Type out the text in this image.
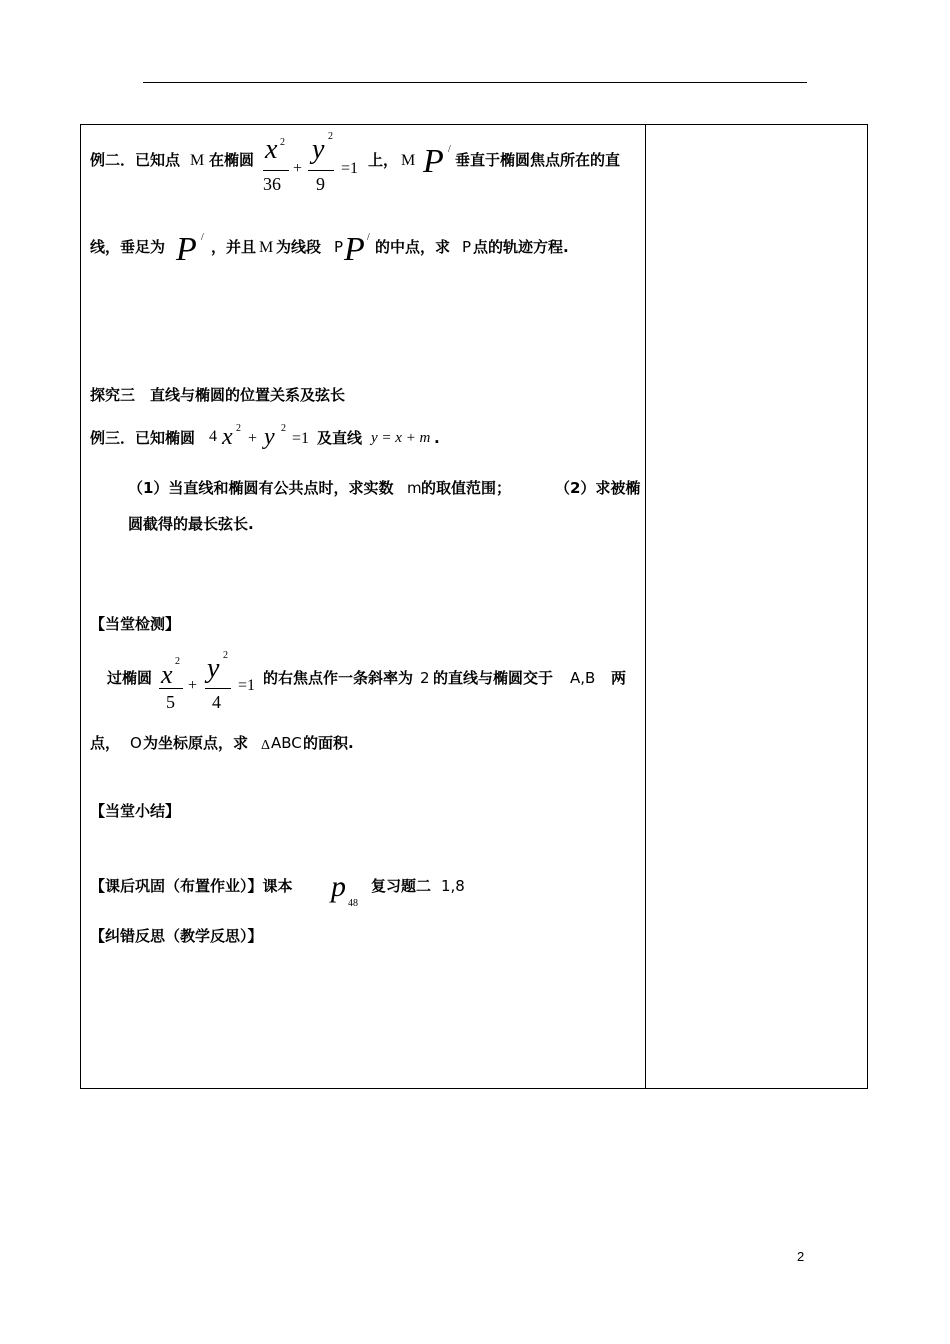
例二．已知点 M 在椭圆 x 2
36
+
y 2
9
=1 上， M P /
垂直于椭圆焦点所在的直
线，垂足为 P /
，并且 M 为线段 P P /
的中点，求 P 点的轨迹方程.
探究三　直线与椭圆的位置关系及弦长
例三．已知椭圆 4 x 2
+ y 2
=1 及直线 y = x + m .
（1）当直线和椭圆有公共点时，求实数 m 的取值范围；	（2）求被椭
圆截得的最长弦长.
【当堂检测】
过椭圆 x 2
5
+
y 2
4
=1 的右焦点作一条斜率为 2 的直线与椭圆交于 A,B 两
点， O 为坐标原点，求 Δ ABC 的面积.
【当堂小结】
【课后巩固（布置作业）】课本 p
48
复习题二 1,8
【纠错反思（教学反思）】
2
